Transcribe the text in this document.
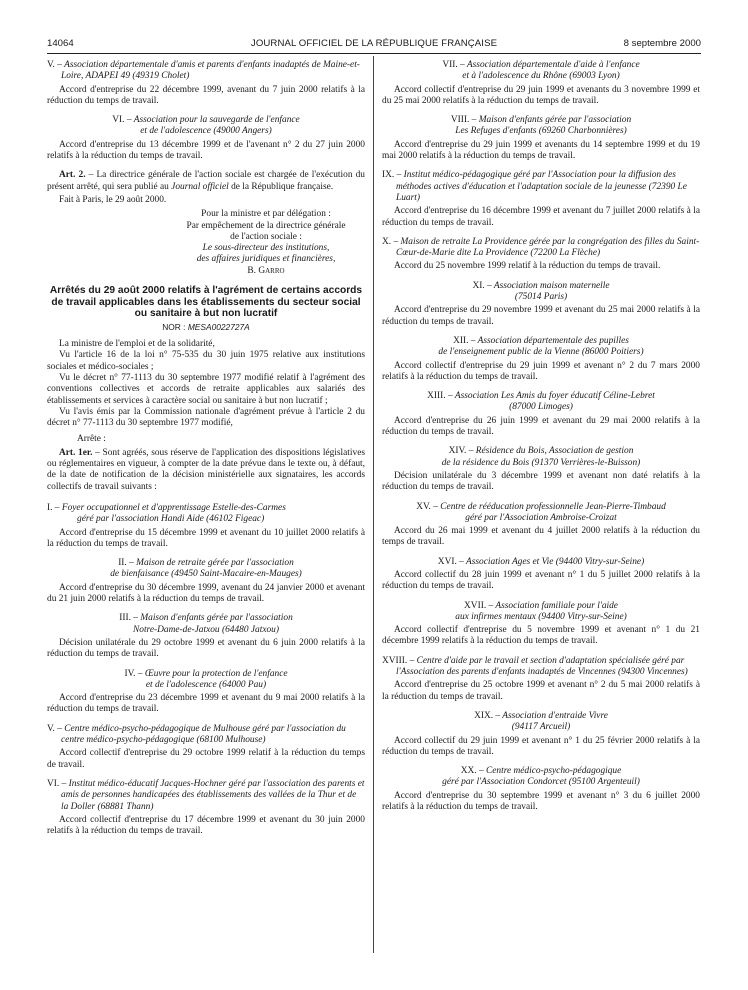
14064	JOURNAL OFFICIEL DE LA RÉPUBLIQUE FRANÇAISE	8 septembre 2000

V. – Association départementale d'amis et parents d'enfants inadaptés de Maine-et-Loire, ADAPEI 49 (49319 Cholet)

Accord d'entreprise du 22 décembre 1999, avenant du 7 juin 2000 relatifs à la réduction du temps de travail.

VI. – Association pour la sauvegarde de l'enfance
et de l'adolescence (49000 Angers)

Accord d'entreprise du 13 décembre 1999 et de l'avenant n° 2 du 27 juin 2000 relatifs à la réduction du temps de travail.

Art. 2. – La directrice générale de l'action sociale est chargée de l'exécution du présent arrêté, qui sera publié au Journal officiel de la République française.

Fait à Paris, le 29 août 2000.

Pour la ministre et par délégation :

Par empêchement de la directrice générale

de l'action sociale :

Le sous-directeur des institutions,

des affaires juridiques et financières,

B. Garro

Arrêtés du 29 août 2000 relatifs à l'agrément de certains accords de travail applicables dans les établissements du secteur social ou sanitaire à but non lucratif

NOR : MESA0022727A

La ministre de l'emploi et de la solidarité,

Vu l'article 16 de la loi n° 75-535 du 30 juin 1975 relative aux institutions sociales et médico-sociales ;

Vu le décret n° 77-1113 du 30 septembre 1977 modifié relatif à l'agrément des conventions collectives et accords de retraite applicables aux salariés des établissements et services à caractère social ou sanitaire à but non lucratif ;

Vu l'avis émis par la Commission nationale d'agrément prévue à l'article 2 du décret n° 77-1113 du 30 septembre 1977 modifié,

Arrête :

Art. 1er. – Sont agréés, sous réserve de l'application des dispositions législatives ou réglementaires en vigueur, à compter de la date prévue dans le texte ou, à défaut, de la date de notification de la décision ministérielle aux signataires, les accords collectifs de travail suivants :

I. – Foyer occupationnel et d'apprentissage Estelle-des-Carmes
géré par l'association Handi Aide (46102 Figeac)

Accord d'entreprise du 15 décembre 1999 et avenant du 10 juillet 2000 relatifs à la réduction du temps de travail.

II. – Maison de retraite gérée par l'association
de bienfaisance (49450 Saint-Macaire-en-Mauges)

Accord d'entreprise du 30 décembre 1999, avenant du 24 janvier 2000 et avenant du 21 juin 2000 relatifs à la réduction du temps de travail.

III. – Maison d'enfants gérée par l'association
Notre-Dame-de-Jatxou (64480 Jatxou)

Décision unilatérale du 29 octobre 1999 et avenant du 6 juin 2000 relatifs à la réduction du temps de travail.

IV. – Œuvre pour la protection de l'enfance
et de l'adolescence (64000 Pau)

Accord d'entreprise du 23 décembre 1999 et avenant du 9 mai 2000 relatifs à la réduction du temps de travail.

V. – Centre médico-psycho-pédagogique de Mulhouse géré par l'association du centre médico-psycho-pédagogique (68100 Mulhouse)

Accord collectif d'entreprise du 29 octobre 1999 relatif à la réduction du temps de travail.

VI. – Institut médico-éducatif Jacques-Hochner géré par l'association des parents et amis de personnes handicapées des établissements des vallées de la Thur et de la Doller (68881 Thann)

Accord collectif d'entreprise du 17 décembre 1999 et avenant du 30 juin 2000 relatifs à la réduction du temps de travail.

VII. – Association départementale d'aide à l'enfance
et à l'adolescence du Rhône (69003 Lyon)

Accord collectif d'entreprise du 29 juin 1999 et avenants du 3 novembre 1999 et du 25 mai 2000 relatifs à la réduction du temps de travail.

VIII. – Maison d'enfants gérée par l'association
Les Refuges d'enfants (69260 Charbonnières)

Accord d'entreprise du 29 juin 1999 et avenants du 14 septembre 1999 et du 19 mai 2000 relatifs à la réduction du temps de travail.

IX. – Institut médico-pédagogique géré par l'Association pour la diffusion des méthodes actives d'éducation et l'adaptation sociale de la jeunesse (72390 Le Luart)

Accord d'entreprise du 16 décembre 1999 et avenant du 7 juillet 2000 relatifs à la réduction du temps de travail.

X. – Maison de retraite La Providence gérée par la congrégation des filles du Saint-Cœur-de-Marie dite La Providence (72200 La Flèche)

Accord du 25 novembre 1999 relatif à la réduction du temps de travail.

XI. – Association maison maternelle
(75014 Paris)

Accord d'entreprise du 29 novembre 1999 et avenant du 25 mai 2000 relatifs à la réduction du temps de travail.

XII. – Association départementale des pupilles
de l'enseignement public de la Vienne (86000 Poitiers)

Accord collectif d'entreprise du 29 juin 1999 et avenant n° 2 du 7 mars 2000 relatifs à la réduction du temps de travail.

XIII. – Association Les Amis du foyer éducatif Céline-Lebret
(87000 Limoges)

Accord d'entreprise du 26 juin 1999 et avenant du 29 mai 2000 relatifs à la réduction du temps de travail.

XIV. – Résidence du Bois, Association de gestion
de la résidence du Bois (91370 Verrières-le-Buisson)

Décision unilatérale du 3 décembre 1999 et avenant non daté relatifs à la réduction du temps de travail.

XV. – Centre de rééducation professionnelle Jean-Pierre-Timbaud
géré par l'Association Ambroise-Croizat

Accord du 26 mai 1999 et avenant du 4 juillet 2000 relatifs à la réduction du temps de travail.

XVI. – Association Ages et Vie (94400 Vitry-sur-Seine)

Accord collectif du 28 juin 1999 et avenant n° 1 du 5 juillet 2000 relatifs à la réduction du temps de travail.

XVII. – Association familiale pour l'aide
aux infirmes mentaux (94400 Vitry-sur-Seine)

Accord collectif d'entreprise du 5 novembre 1999 et avenant n° 1 du 21 décembre 1999 relatifs à la réduction du temps de travail.

XVIII. – Centre d'aide par le travail et section d'adaptation spécialisée géré par l'Association des parents d'enfants inadaptés de Vincennes (94300 Vincennes)

Accord d'entreprise du 25 octobre 1999 et avenant n° 2 du 5 mai 2000 relatifs à la réduction du temps de travail.

XIX. – Association d'entraide Vivre
(94117 Arcueil)

Accord collectif du 29 juin 1999 et avenant n° 1 du 25 février 2000 relatifs à la réduction du temps de travail.

XX. – Centre médico-psycho-pédagogique
géré par l'Association Condorcet (95100 Argenteuil)

Accord d'entreprise du 30 septembre 1999 et avenant n° 3 du 6 juillet 2000 relatifs à la réduction du temps de travail.
